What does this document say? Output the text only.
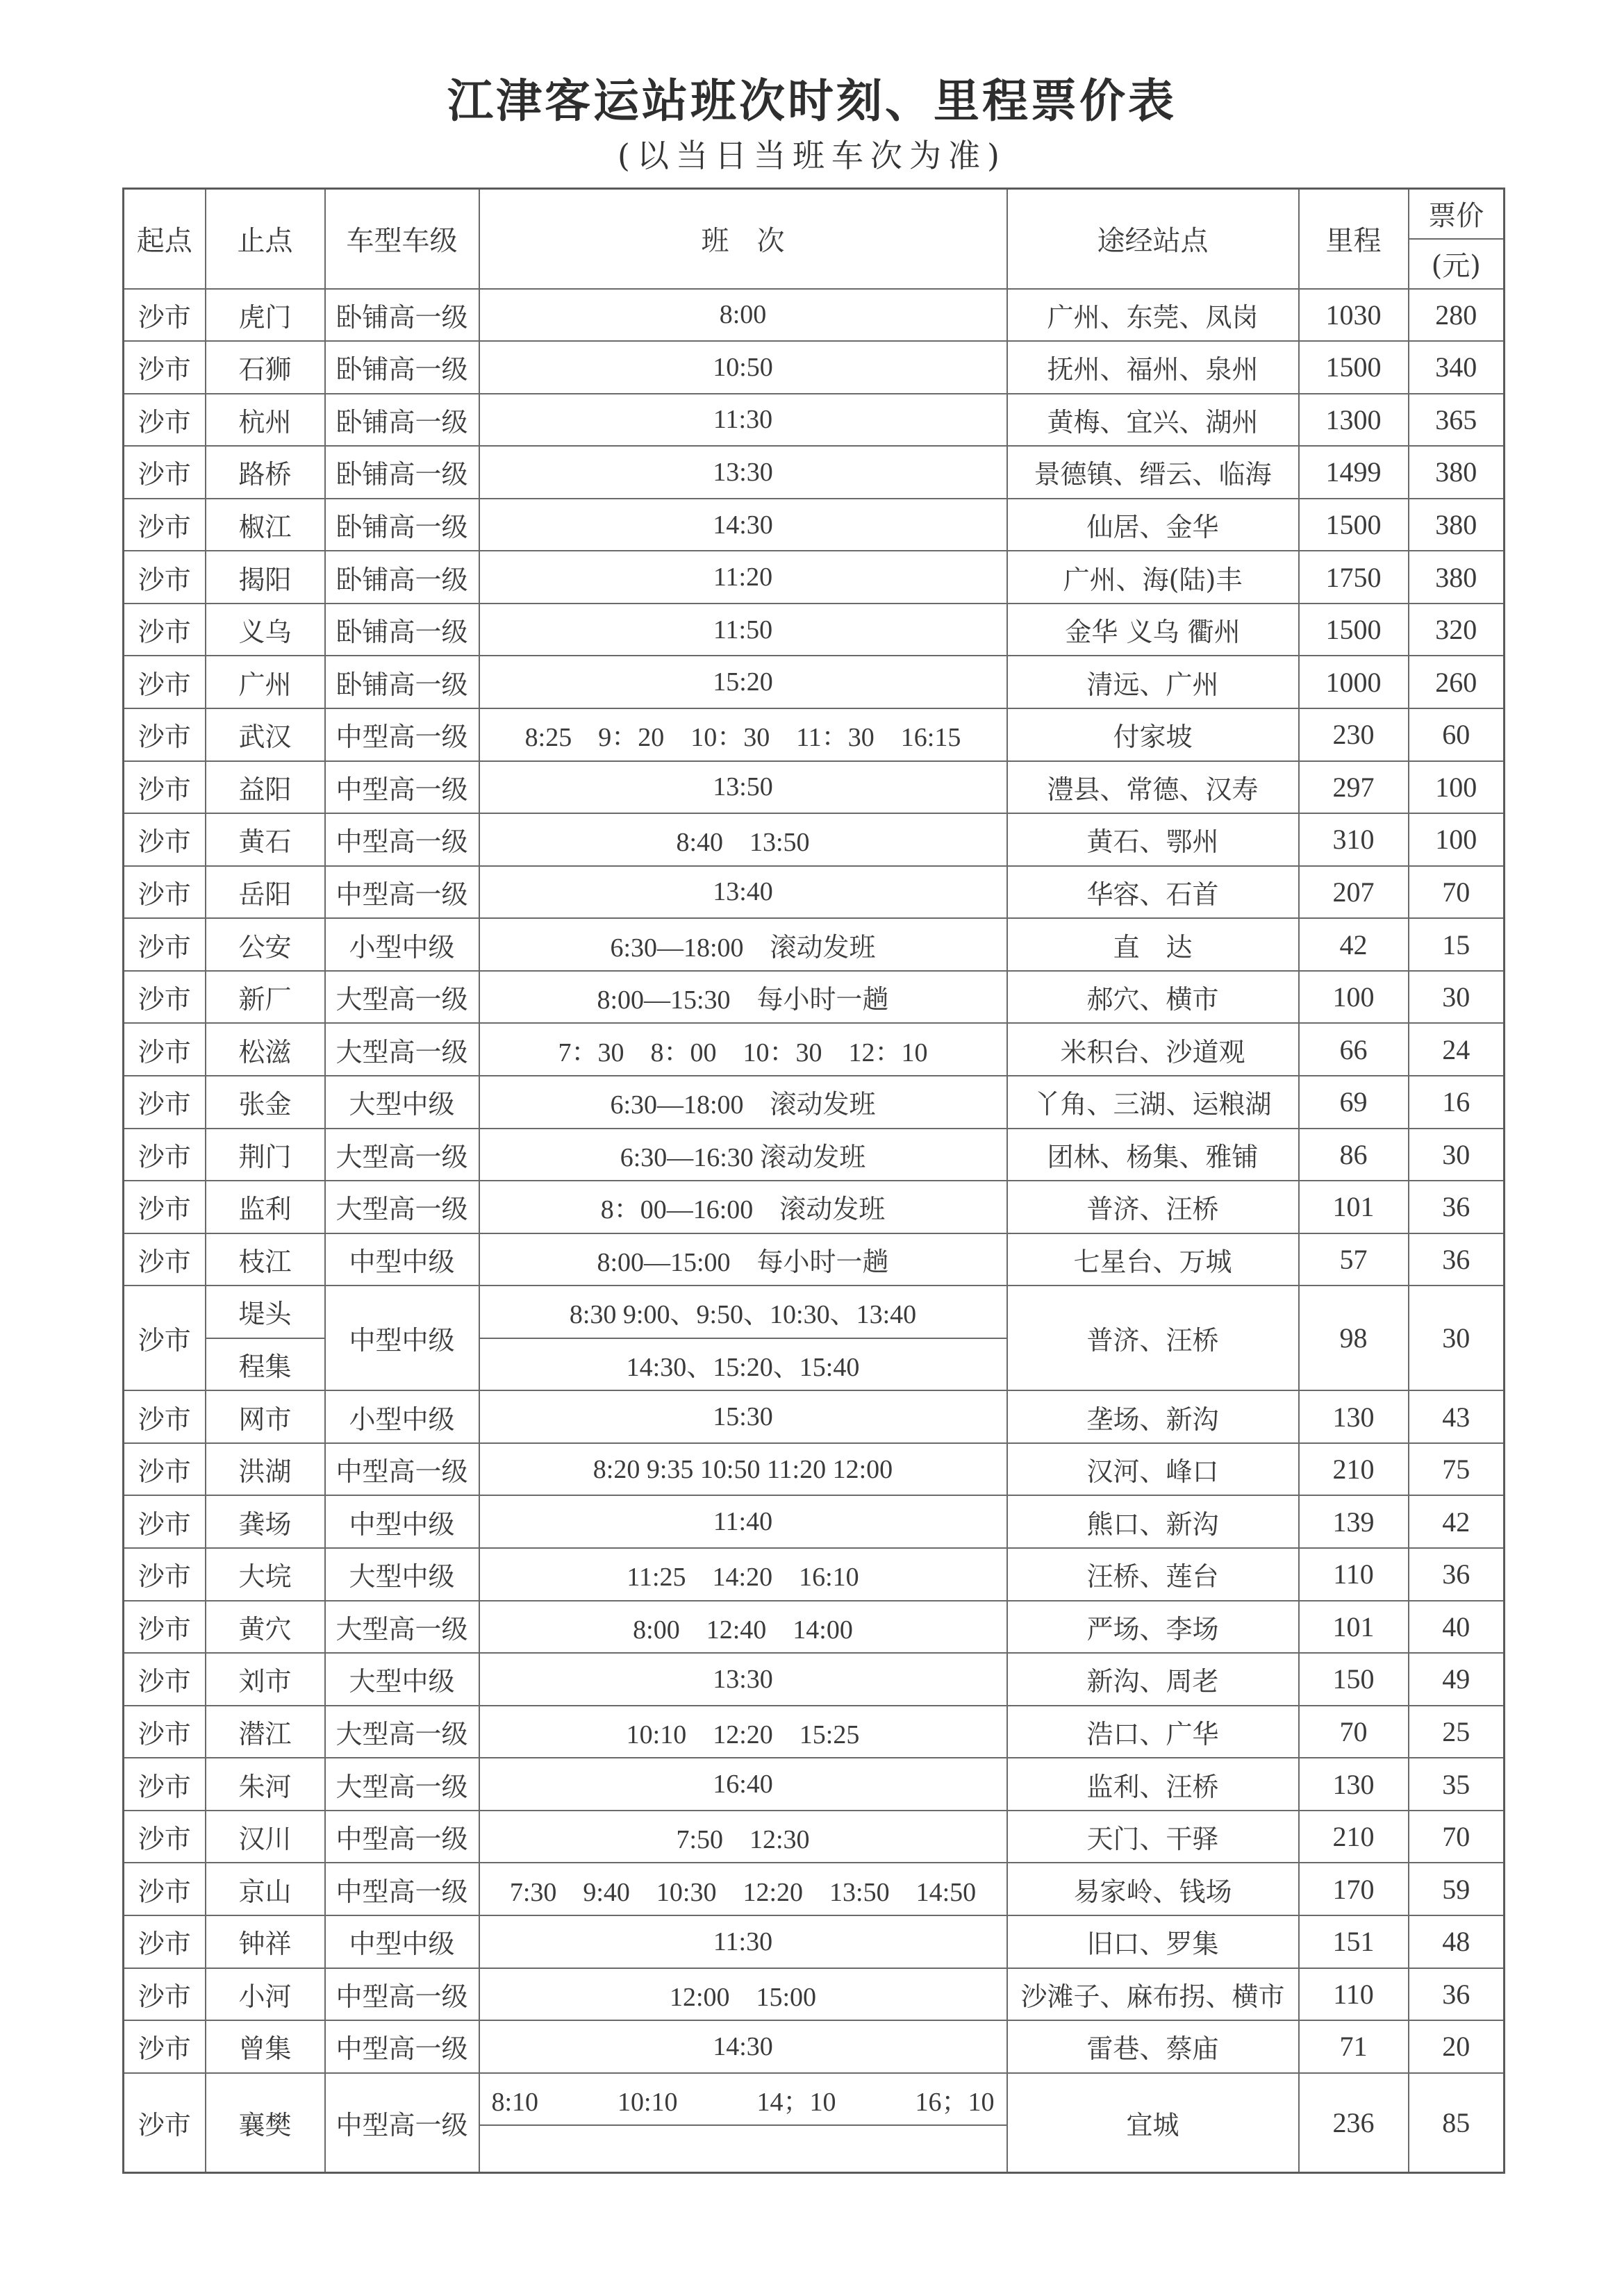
江津客运站班次时刻、里程票价表
(以当日当班车次为准)
起点	止点	车型车级	班　次	途经站点	里程	票价
						(元)
沙市	虎门	卧铺高一级	8:00	广州、东莞、凤岗	1030	280
沙市	石狮	卧铺高一级	10:50	抚州、福州、泉州	1500	340
沙市	杭州	卧铺高一级	11:30	黄梅、宜兴、湖州	1300	365
沙市	路桥	卧铺高一级	13:30	景德镇、缙云、临海	1499	380
沙市	椒江	卧铺高一级	14:30	仙居、金华	1500	380
沙市	揭阳	卧铺高一级	11:20	广州、海(陆)丰	1750	380
沙市	义乌	卧铺高一级	11:50	金华 义乌 衢州	1500	320
沙市	广州	卧铺高一级	15:20	清远、广州	1000	260
沙市	武汉	中型高一级	8:25　9：20　10：30　11：30　16:15	付家坡	230	60
沙市	益阳	中型高一级	13:50	澧县、常德、汉寿	297	100
沙市	黄石	中型高一级	8:40　13:50	黄石、鄂州	310	100
沙市	岳阳	中型高一级	13:40	华容、石首	207	70
沙市	公安	小型中级	6:30—18:00　滚动发班	直　达	42	15
沙市	新厂	大型高一级	8:00—15:30　每小时一趟	郝穴、横市	100	30
沙市	松滋	大型高一级	7：30　8：00　10：30　12：10	米积台、沙道观	66	24
沙市	张金	大型中级	6:30—18:00　滚动发班	丫角、三湖、运粮湖	69	16
沙市	荆门	大型高一级	6:30—16:30 滚动发班	团林、杨集、雅铺	86	30
沙市	监利	大型高一级	8：00—16:00　滚动发班	普济、汪桥	101	36
沙市	枝江	中型中级	8:00—15:00　每小时一趟	七星台、万城	57	36
沙市	堤头	中型中级	8:30 9:00、9:50、10:30、13:40	普济、汪桥	98	30
	程集		14:30、15:20、15:40			
沙市	网市	小型中级	15:30	垄场、新沟	130	43
沙市	洪湖	中型高一级	8:20 9:35 10:50 11:20 12:00	汉河、峰口	210	75
沙市	龚场	中型中级	11:40	熊口、新沟	139	42
沙市	大垸	大型中级	11:25　14:20　16:10	汪桥、莲台	110	36
沙市	黄穴	大型高一级	8:00　12:40　14:00	严场、李场	101	40
沙市	刘市	大型中级	13:30	新沟、周老	150	49
沙市	潜江	大型高一级	10:10　12:20　15:25	浩口、广华	70	25
沙市	朱河	大型高一级	16:40	监利、汪桥	130	35
沙市	汉川	中型高一级	7:50　12:30	天门、干驿	210	70
沙市	京山	中型高一级	7:30　9:40　10:30　12:20　13:50　14:50	易家岭、钱场	170	59
沙市	钟祥	中型中级	11:30	旧口、罗集	151	48
沙市	小河	中型高一级	12:00　15:00	沙滩子、麻布拐、横市	110	36
沙市	曾集	中型高一级	14:30	雷巷、蔡庙	71	20
沙市	襄樊	中型高一级	8:10　　　10:10　　　14；10　　　16；10	宜城	236	85
